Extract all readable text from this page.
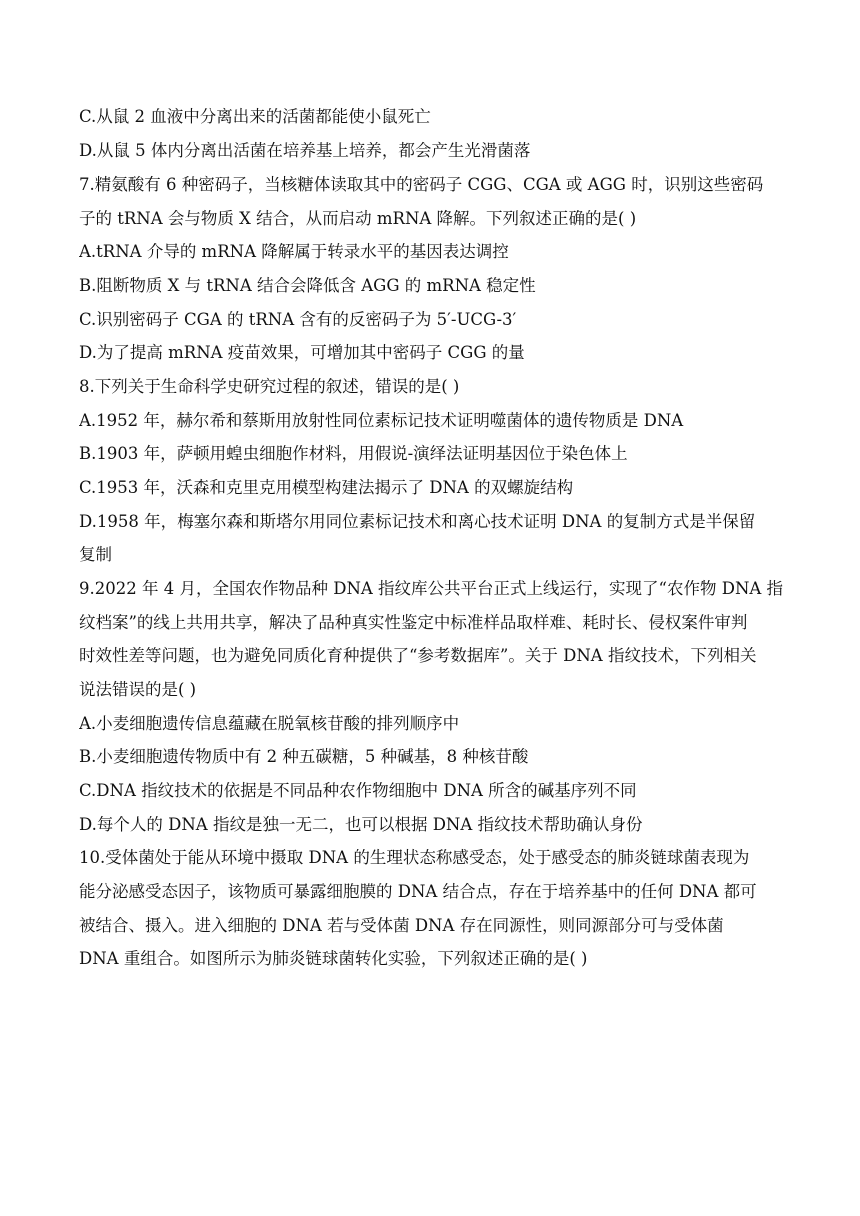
C.从鼠 2 血液中分离出来的活菌都能使小鼠死亡
D.从鼠 5 体内分离出活菌在培养基上培养，都会产生光滑菌落
7.精氨酸有 6 种密码子，当核糖体读取其中的密码子 CGG、CGA 或 AGG 时，识别这些密码
子的 tRNA 会与物质 X 结合，从而启动 mRNA 降解。下列叙述正确的是( )
A.tRNA 介导的 mRNA 降解属于转录水平的基因表达调控
B.阻断物质 X 与 tRNA 结合会降低含 AGG 的 mRNA 稳定性
C.识别密码子 CGA 的 tRNA 含有的反密码子为 5′-UCG-3′
D.为了提高 mRNA 疫苗效果，可增加其中密码子 CGG 的量
8.下列关于生命科学史研究过程的叙述，错误的是( )
A.1952 年，赫尔希和蔡斯用放射性同位素标记技术证明噬菌体的遗传物质是 DNA
B.1903 年，萨顿用蝗虫细胞作材料，用假说-演绎法证明基因位于染色体上
C.1953 年，沃森和克里克用模型构建法揭示了 DNA 的双螺旋结构
D.1958 年，梅塞尔森和斯塔尔用同位素标记技术和离心技术证明 DNA 的复制方式是半保留
复制
9.2022 年 4 月，全国农作物品种 DNA 指纹库公共平台正式上线运行，实现了“农作物 DNA 指
纹档案”的线上共用共享，解决了品种真实性鉴定中标准样品取样难、耗时长、侵权案件审判
时效性差等问题，也为避免同质化育种提供了“参考数据库”。关于 DNA 指纹技术，下列相关
说法错误的是( )
A.小麦细胞遗传信息蕴藏在脱氧核苷酸的排列顺序中
B.小麦细胞遗传物质中有 2 种五碳糖，5 种碱基，8 种核苷酸
C.DNA 指纹技术的依据是不同品种农作物细胞中 DNA 所含的碱基序列不同
D.每个人的 DNA 指纹是独一无二，也可以根据 DNA 指纹技术帮助确认身份
10.受体菌处于能从环境中摄取 DNA 的生理状态称感受态，处于感受态的肺炎链球菌表现为
能分泌感受态因子，该物质可暴露细胞膜的 DNA 结合点，存在于培养基中的任何 DNA 都可
被结合、摄入。进入细胞的 DNA 若与受体菌 DNA 存在同源性，则同源部分可与受体菌
DNA 重组合。如图所示为肺炎链球菌转化实验，下列叙述正确的是( )
